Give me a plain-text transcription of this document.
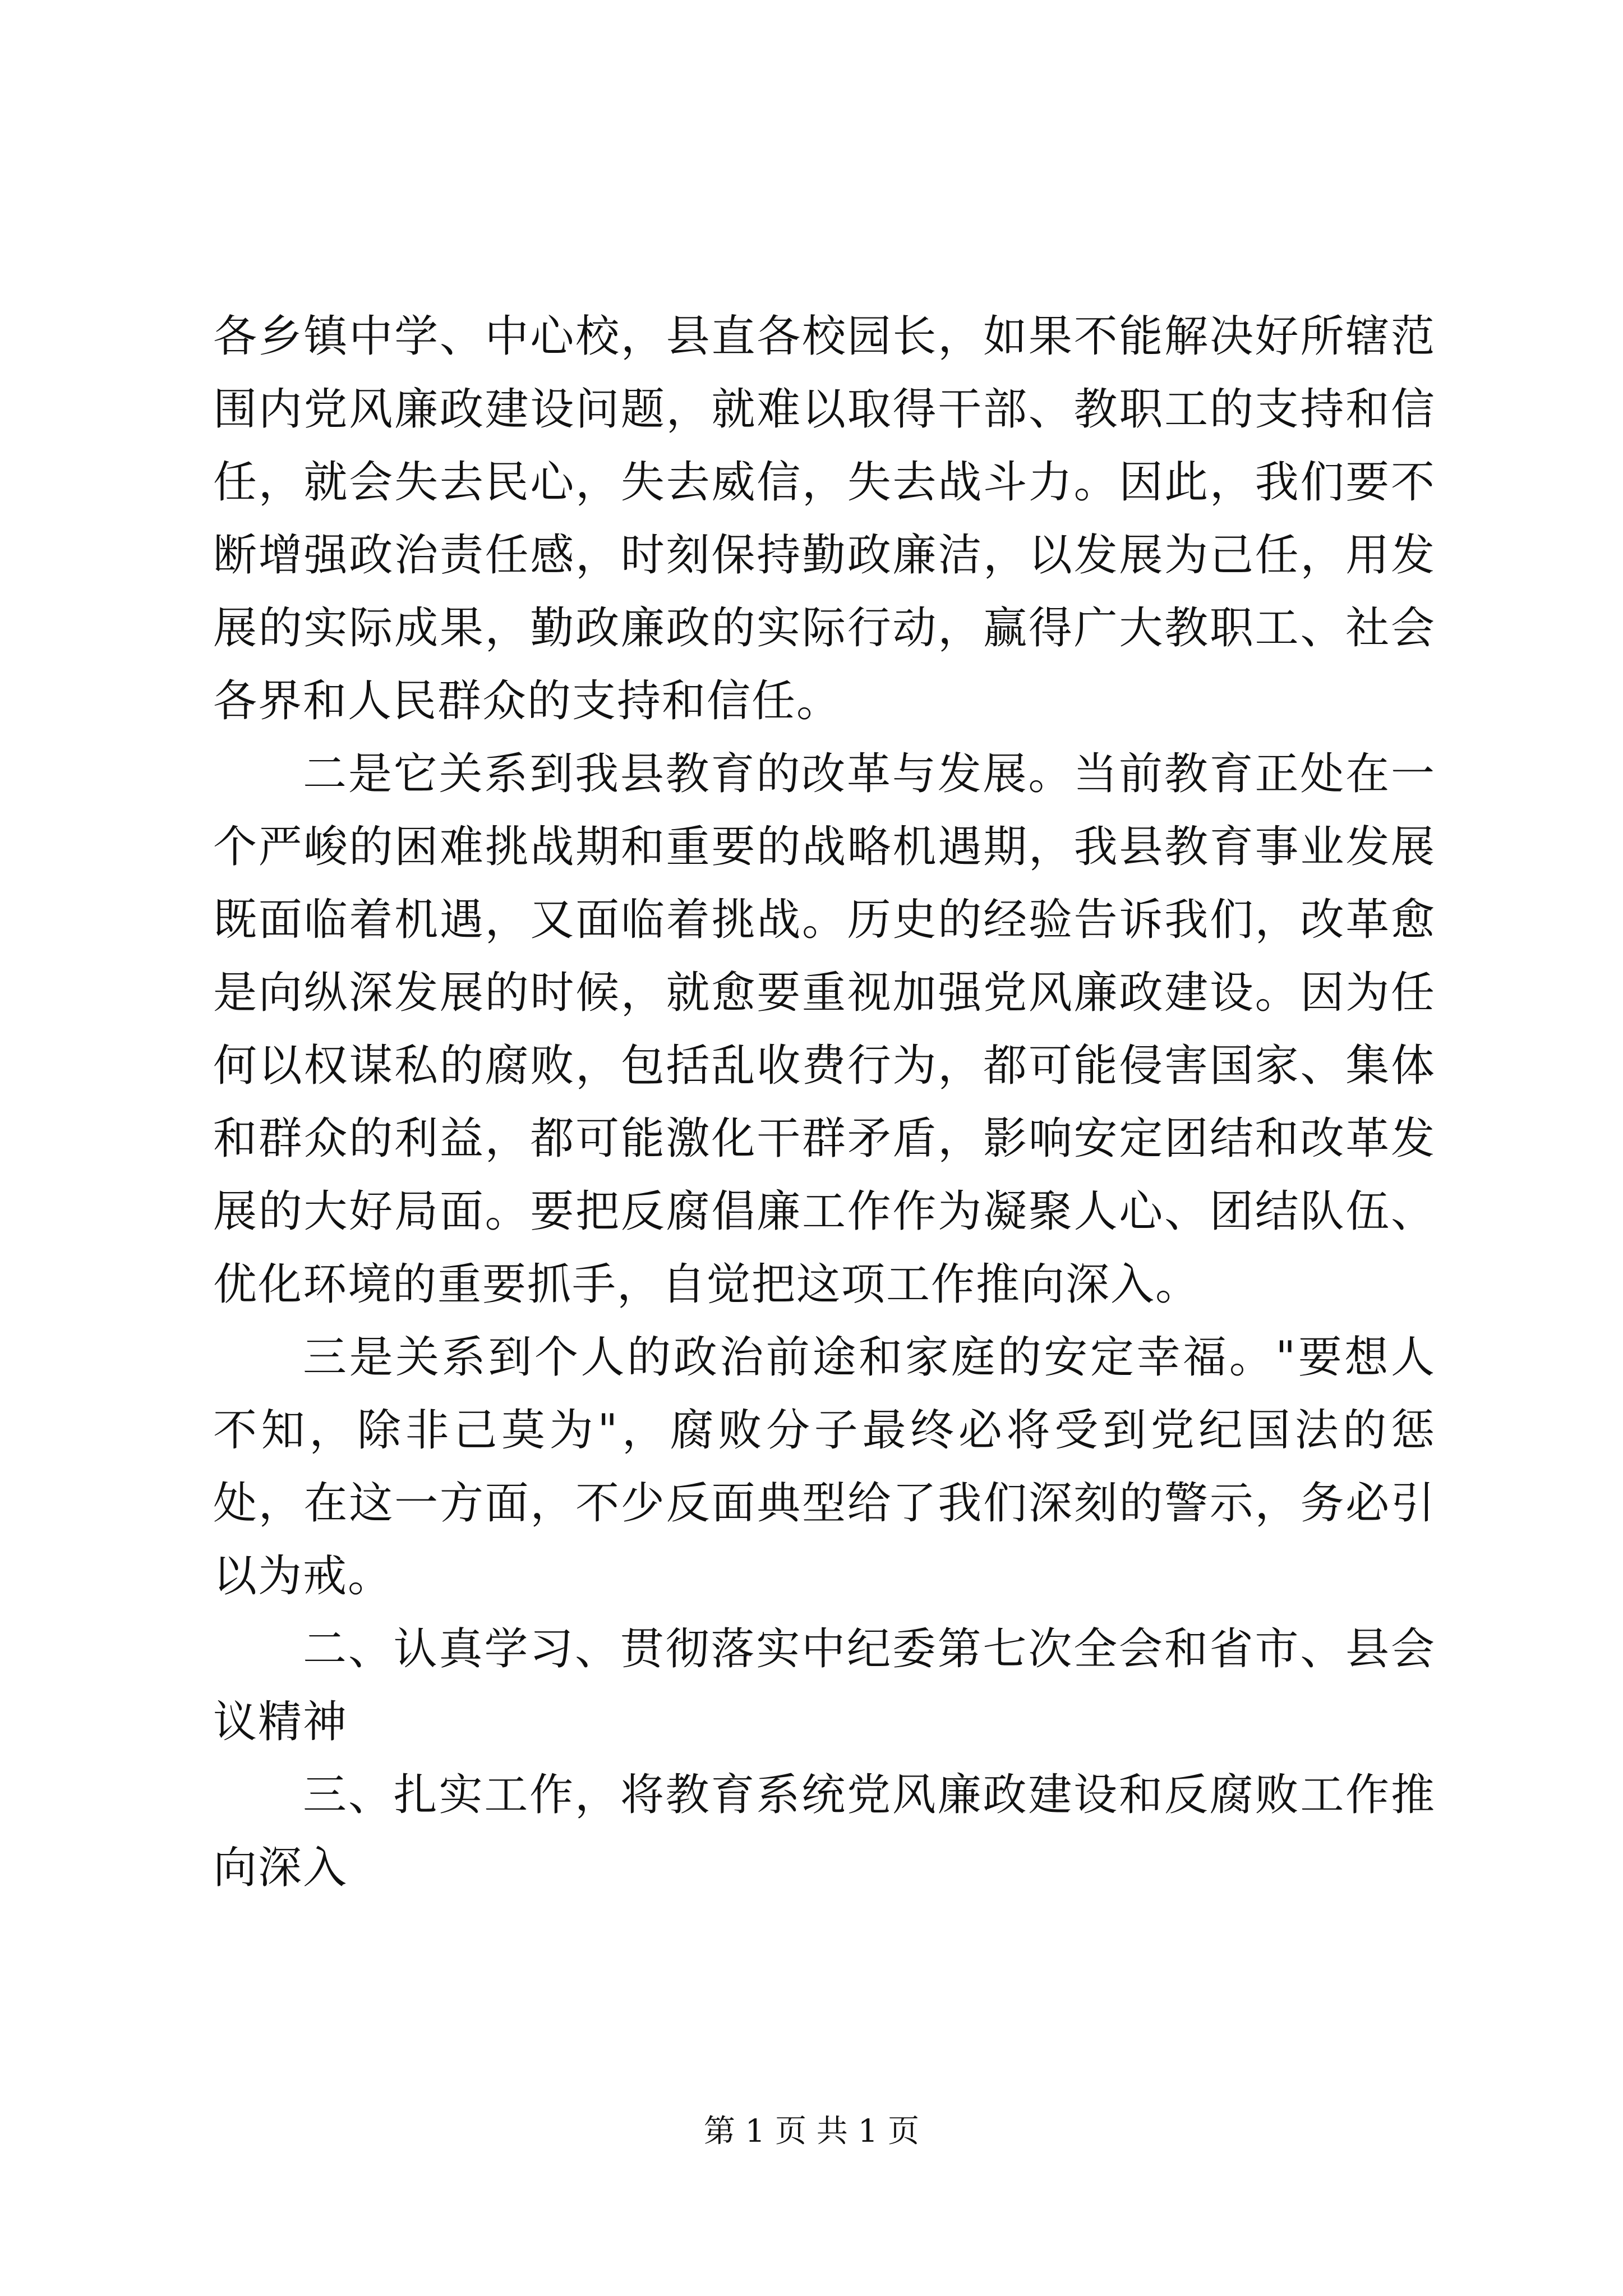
各乡镇中学、中心校，县直各校园长，如果不能解决好所辖范围内党风廉政建设问题，就难以取得干部、教职工的支持和信任，就会失去民心，失去威信，失去战斗力。因此，我们要不断增强政治责任感，时刻保持勤政廉洁，以发展为己任，用发展的实际成果，勤政廉政的实际行动，赢得广大教职工、社会各界和人民群众的支持和信任。

二是它关系到我县教育的改革与发展。当前教育正处在一个严峻的困难挑战期和重要的战略机遇期，我县教育事业发展既面临着机遇，又面临着挑战。历史的经验告诉我们，改革愈是向纵深发展的时候，就愈要重视加强党风廉政建设。因为任何以权谋私的腐败，包括乱收费行为，都可能侵害国家、集体和群众的利益，都可能激化干群矛盾，影响安定团结和改革发展的大好局面。要把反腐倡廉工作作为凝聚人心、团结队伍、优化环境的重要抓手，自觉把这项工作推向深入。

三是关系到个人的政治前途和家庭的安定幸福。"要想人不知，除非己莫为"，腐败分子最终必将受到党纪国法的惩处，在这一方面，不少反面典型给了我们深刻的警示，务必引以为戒。

二、认真学习、贯彻落实中纪委第七次全会和省市、县会议精神

三、扎实工作，将教育系统党风廉政建设和反腐败工作推向深入

第 1 页 共 1 页
